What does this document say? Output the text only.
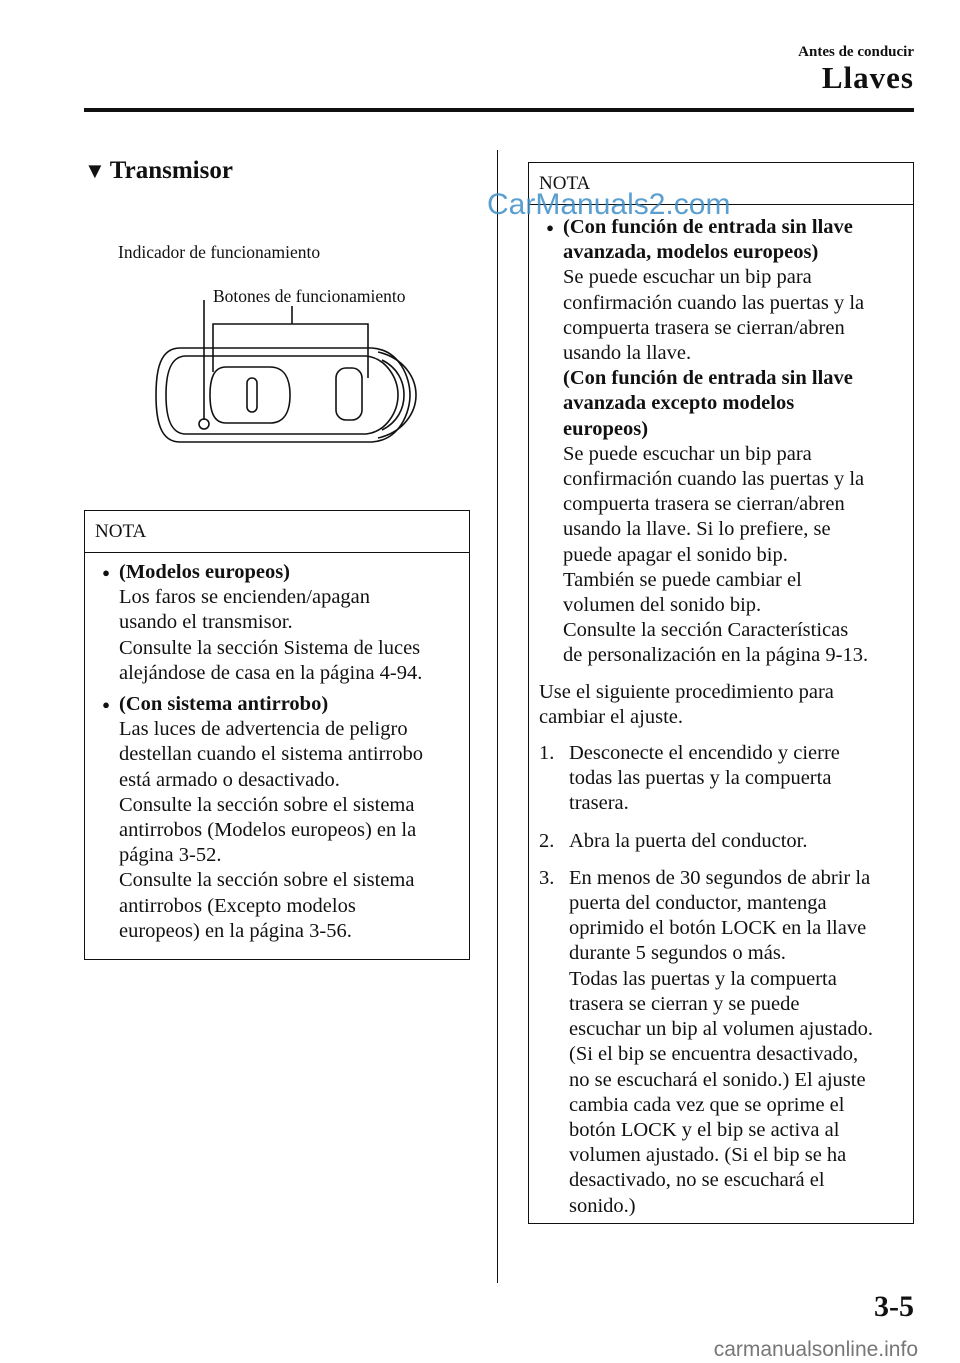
Antes de conducir
Llaves
▼ Transmisor
Indicador de funcionamiento
Botones de funcionamiento
NOTA
● (Modelos europeos)
Los faros se encienden/apagan
usando el transmisor.
Consulte la sección Sistema de luces
alejándose de casa en la página 4-94.
● (Con sistema antirrobo)
Las luces de advertencia de peligro
destellan cuando el sistema antirrobo
está armado o desactivado.
Consulte la sección sobre el sistema
antirrobos (Modelos europeos) en la
página 3-52.
Consulte la sección sobre el sistema
antirrobos (Excepto modelos
europeos) en la página 3-56.
NOTA
● (Con función de entrada sin llave
avanzada, modelos europeos)
Se puede escuchar un bip para
confirmación cuando las puertas y la
compuerta trasera se cierran/abren
usando la llave.
(Con función de entrada sin llave
avanzada excepto modelos
europeos)
Se puede escuchar un bip para
confirmación cuando las puertas y la
compuerta trasera se cierran/abren
usando la llave. Si lo prefiere, se
puede apagar el sonido bip.
También se puede cambiar el
volumen del sonido bip.
Consulte la sección Características
de personalización en la página 9-13.
Use el siguiente procedimiento para
cambiar el ajuste.
1. Desconecte el encendido y cierre
todas las puertas y la compuerta
trasera.
2. Abra la puerta del conductor.
3. En menos de 30 segundos de abrir la
puerta del conductor, mantenga
oprimido el botón LOCK en la llave
durante 5 segundos o más.
Todas las puertas y la compuerta
trasera se cierran y se puede
escuchar un bip al volumen ajustado.
(Si el bip se encuentra desactivado,
no se escuchará el sonido.) El ajuste
cambia cada vez que se oprime el
botón LOCK y el bip se activa al
volumen ajustado. (Si el bip se ha
desactivado, no se escuchará el
sonido.)
CarManuals2.com
3-5
carmanualsonline.info
